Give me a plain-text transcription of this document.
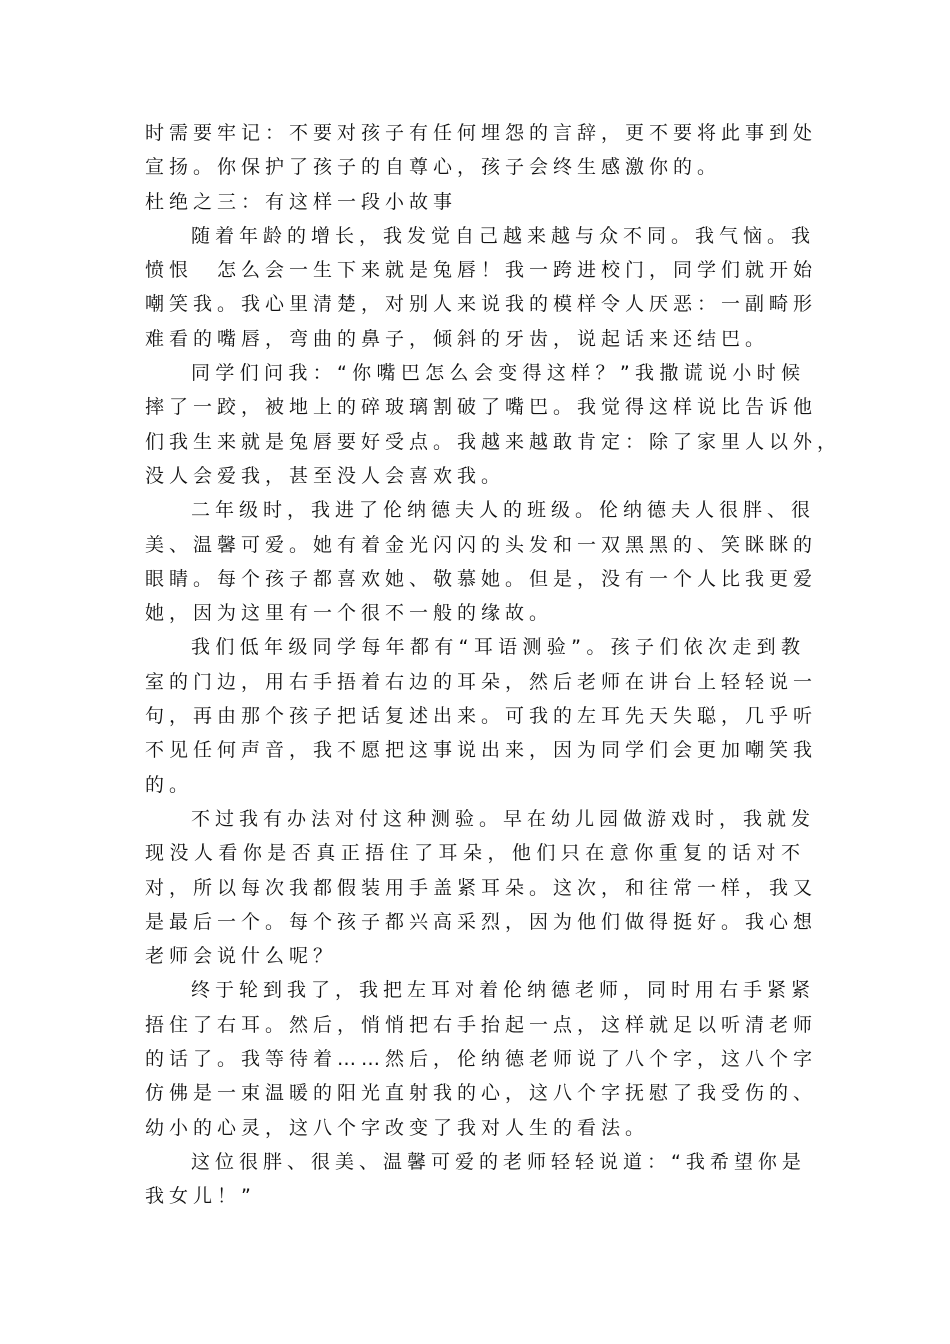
时需要牢记：不要对孩子有任何埋怨的言辞，更不要将此事到处
宣扬。你保护了孩子的自尊心，孩子会终生感激你的。
杜绝之三：有这样一段小故事
随着年龄的增长，我发觉自己越来越与众不同。我气恼。我
愤恨　怎么会一生下来就是兔唇！我一跨进校门，同学们就开始
嘲笑我。我心里清楚，对别人来说我的模样令人厌恶：一副畸形
难看的嘴唇，弯曲的鼻子，倾斜的牙齿，说起话来还结巴。
同学们问我：“你嘴巴怎么会变得这样？”我撒谎说小时候
摔了一跤，被地上的碎玻璃割破了嘴巴。我觉得这样说比告诉他
们我生来就是兔唇要好受点。我越来越敢肯定：除了家里人以外，
没人会爱我，甚至没人会喜欢我。
二年级时，我进了伦纳德夫人的班级。伦纳德夫人很胖、很
美、温馨可爱。她有着金光闪闪的头发和一双黑黑的、笑眯眯的
眼睛。每个孩子都喜欢她、敬慕她。但是，没有一个人比我更爱
她，因为这里有一个很不一般的缘故。
我们低年级同学每年都有“耳语测验”。孩子们依次走到教
室的门边，用右手捂着右边的耳朵，然后老师在讲台上轻轻说一
句，再由那个孩子把话复述出来。可我的左耳先天失聪，几乎听
不见任何声音，我不愿把这事说出来，因为同学们会更加嘲笑我
的。
不过我有办法对付这种测验。早在幼儿园做游戏时，我就发
现没人看你是否真正捂住了耳朵，他们只在意你重复的话对不
对，所以每次我都假装用手盖紧耳朵。这次，和往常一样，我又
是最后一个。每个孩子都兴高采烈，因为他们做得挺好。我心想
老师会说什么呢？
终于轮到我了，我把左耳对着伦纳德老师，同时用右手紧紧
捂住了右耳。然后，悄悄把右手抬起一点，这样就足以听清老师
的话了。我等待着……然后，伦纳德老师说了八个字，这八个字
仿佛是一束温暖的阳光直射我的心，这八个字抚慰了我受伤的、
幼小的心灵，这八个字改变了我对人生的看法。
这位很胖、很美、温馨可爱的老师轻轻说道：“我希望你是
我女儿！”
